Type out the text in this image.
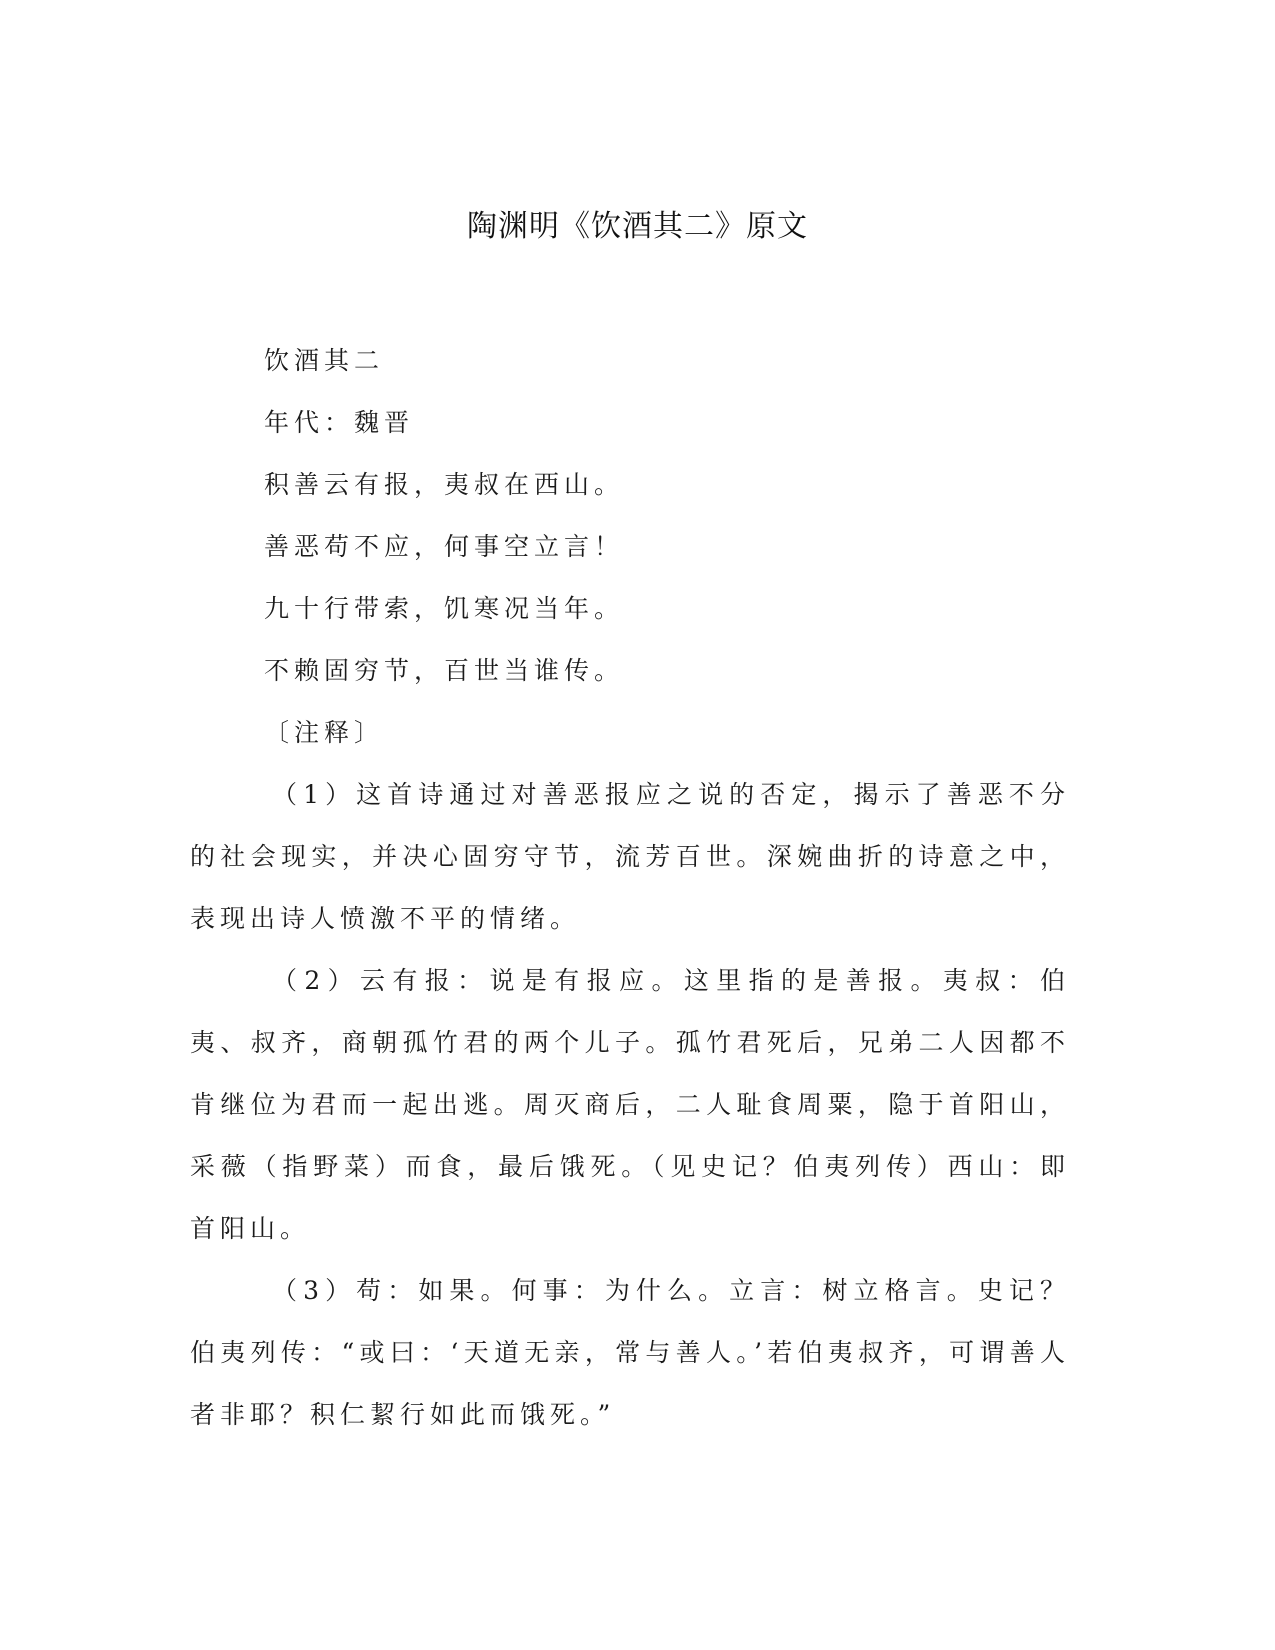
陶渊明《饮酒其二》原文

饮酒其二

年代：魏晋

积善云有报，夷叔在西山。

善恶苟不应，何事空立言！

九十行带索，饥寒况当年。

不赖固穷节，百世当谁传。

〔注释〕

（1）这首诗通过对善恶报应之说的否定，揭示了善恶不分的社会现实，并决心固穷守节，流芳百世。深婉曲折的诗意之中，表现出诗人愤激不平的情绪。

（2）云有报：说是有报应。这里指的是善报。夷叔：伯夷、叔齐，商朝孤竹君的两个儿子。孤竹君死后，兄弟二人因都不肯继位为君而一起出逃。周灭商后，二人耻食周粟，隐于首阳山，采薇（指野菜）而食，最后饿死。（见史记？伯夷列传）西山：即首阳山。

（3）苟：如果。何事：为什么。立言：树立格言。史记？伯夷列传：“或曰：‘天道无亲，常与善人。’若伯夷叔齐，可谓善人者非耶？积仁絜行如此而饿死。”
